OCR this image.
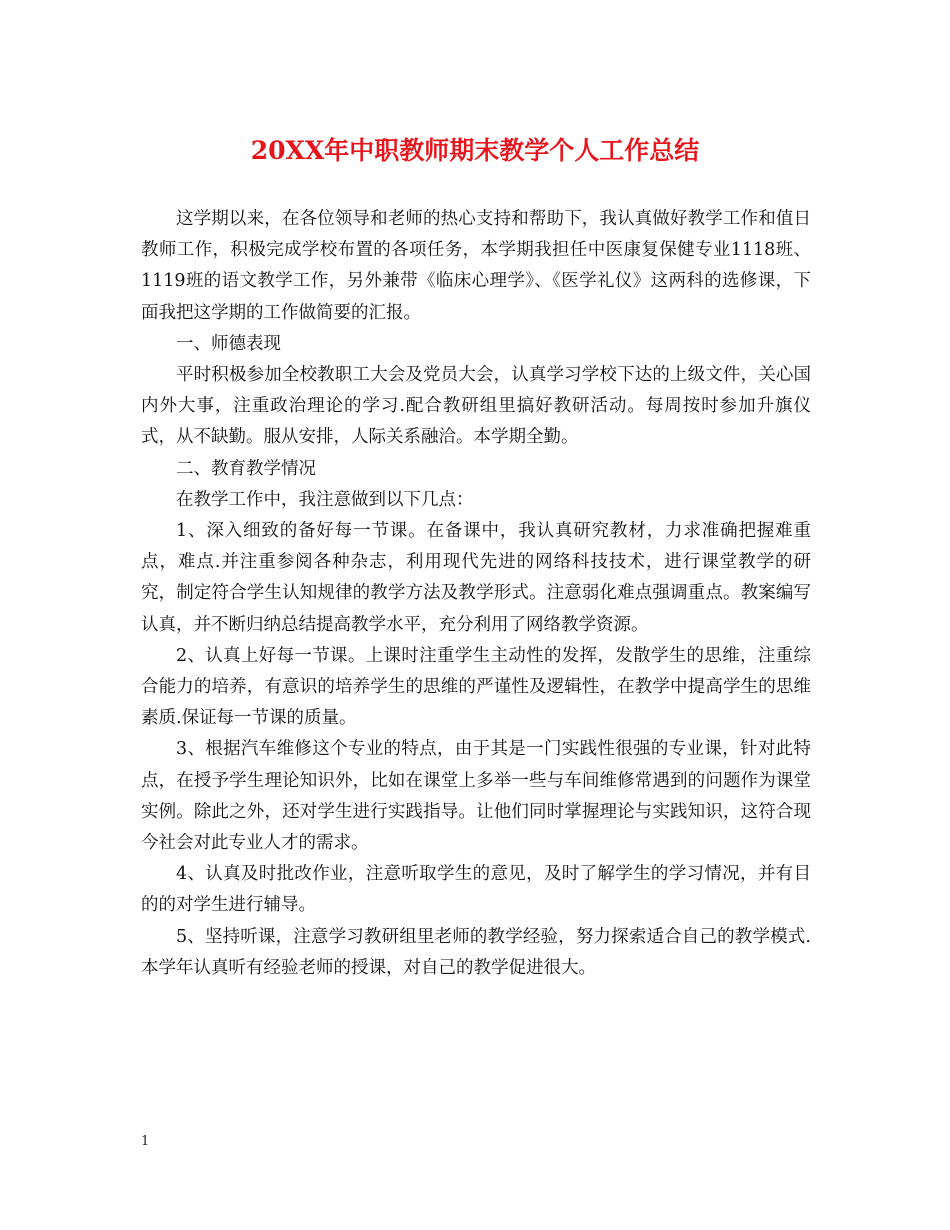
20XX年中职教师期末教学个人工作总结

这学期以来，在各位领导和老师的热心支持和帮助下，我认真做好教学工作和值日教师工作，积极完成学校布置的各项任务，本学期我担任中医康复保健专业1118班、1119班的语文教学工作，另外兼带《临床心理学》、《医学礼仪》这两科的选修课，下面我把这学期的工作做简要的汇报。

一、师德表现

平时积极参加全校教职工大会及党员大会，认真学习学校下达的上级文件，关心国内外大事，注重政治理论的学习.配合教研组里搞好教研活动。每周按时参加升旗仪式，从不缺勤。服从安排，人际关系融洽。本学期全勤。

二、教育教学情况

在教学工作中，我注意做到以下几点：

1、深入细致的备好每一节课。在备课中，我认真研究教材，力求准确把握难重点，难点.并注重参阅各种杂志，利用现代先进的网络科技技术，进行课堂教学的研究，制定符合学生认知规律的教学方法及教学形式。注意弱化难点强调重点。教案编写认真，并不断归纳总结提高教学水平，充分利用了网络教学资源。

2、认真上好每一节课。上课时注重学生主动性的发挥，发散学生的思维，注重综合能力的培养，有意识的培养学生的思维的严谨性及逻辑性，在教学中提高学生的思维素质.保证每一节课的质量。

3、根据汽车维修这个专业的特点，由于其是一门实践性很强的专业课，针对此特点，在授予学生理论知识外，比如在课堂上多举一些与车间维修常遇到的问题作为课堂实例。除此之外，还对学生进行实践指导。让他们同时掌握理论与实践知识，这符合现今社会对此专业人才的需求。

4、认真及时批改作业，注意听取学生的意见，及时了解学生的学习情况，并有目的的对学生进行辅导。

5、坚持听课，注意学习教研组里老师的教学经验，努力探索适合自己的教学模式.本学年认真听有经验老师的授课，对自己的教学促进很大。

1
